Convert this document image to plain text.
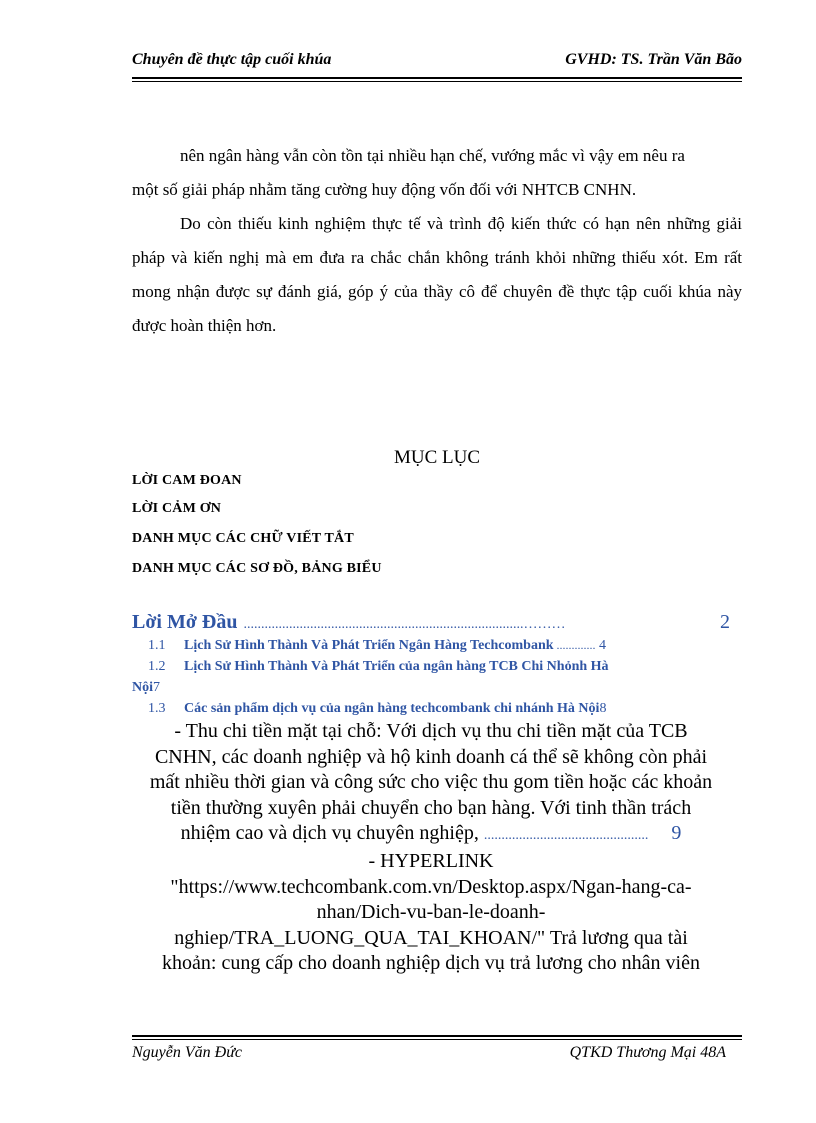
Chuyên đề thực tập cuối khúa	GVHD: TS. Trần Văn Bão

nên ngân hàng vẫn còn tồn tại nhiều hạn chế, vướng mắc vì vậy em nêu ra

một số giải pháp nhằm tăng cường huy động vốn đối với NHTCB CNHN.

Do còn thiếu kinh nghiệm thực tế và trình độ kiến thức có hạn nên những giải pháp và kiến nghị mà em đưa ra chắc chắn không tránh khỏi những thiếu xót. Em rất mong nhận được sự đánh giá, góp ý của thầy cô để chuyên đề thực tập cuối khúa này được hoàn thiện hơn.

MỤC LỤC
LỜI CAM ĐOAN
LỜI CẢM ƠN
DANH MỤC CÁC CHỮ VIẾT TẮT
DANH MỤC CÁC SƠ ĐỒ, BẢNG BIỂU
Lời Mở Đầu ................................................................................………	2
1.1 Lịch Sử Hình Thành Và Phát Triển Ngân Hàng Techcombank ............. 4
1.2 Lịch Sử Hình Thành Và Phát Triển của ngân hàng TCB Chi Nhỏnh Hà
Nội7
1.3 Các sản phẩm dịch vụ của ngân hàng techcombank chi nhánh Hà Nội8
- Thu chi tiền mặt tại chỗ: Với dịch vụ thu chi tiền mặt của TCB
CNHN, các doanh nghiệp và hộ kinh doanh cá thể sẽ không còn phải
mất nhiều thời gian và công sức cho việc thu gom tiền hoặc các khoản
tiền thường xuyên phải chuyển cho bạn hàng. Với tinh thần trách
nhiệm cao và dịch vụ chuyên nghiệp, ............................................... 9
- HYPERLINK
"https://www.techcombank.com.vn/Desktop.aspx/Ngan-hang-ca-
nhan/Dich-vu-ban-le-doanh-
nghiep/TRA_LUONG_QUA_TAI_KHOAN/" Trả lương qua tài
khoản: cung cấp cho doanh nghiệp dịch vụ trả lương cho nhân viên
Nguyễn Văn Đức	QTKD Thương Mại 48A
